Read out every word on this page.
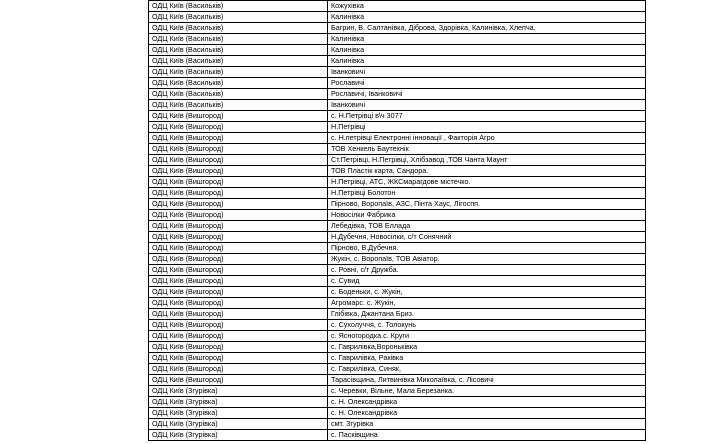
ОДЦ Київ (Васильків)	Кожухівка
ОДЦ Київ (Васильків)	Калинівка
ОДЦ Київ (Васильків)	Багрин, В. Салтанівка, Діброва, Здорівка, Калинівка, Хлепча.
ОДЦ Київ (Васильків)	Калинівка
ОДЦ Київ (Васильків)	Калинівка
ОДЦ Київ (Васильків)	Калинівка
ОДЦ Київ (Васильків)	Іванковичі
ОДЦ Київ (Васильків)	Рославичі
ОДЦ Київ (Васильків)	Рославичі, Іванковичі
ОДЦ Київ (Васильків)	Іванковичі
ОДЦ Київ (Вишгород)	с. Н.Петрівці в\ч 3077
ОДЦ Київ (Вишгород)	Н.Петрівці
ОДЦ Київ (Вишгород)	с. Н.петрівці Електронні інновації , Факторія Агро
ОДЦ Київ (Вишгород)	ТОВ Хенкель Баутехнік
ОДЦ Київ (Вишгород)	Ст.Петрівці, Н.Петрівці, Хлібзавод ,ТОВ Чанта Маунт
ОДЦ Київ (Вишгород)	ТОВ Пластік карта, Сандора.
ОДЦ Київ (Вишгород)	Н.Петрівці, АТС, ЖКСмарагдове містечко.
ОДЦ Київ (Вишгород)	Н.Петрівці Болотон
ОДЦ Київ (Вишгород)	Пірново, Воропаїв, АЗС, Пінта Хаус, Лігоспп.
ОДЦ Київ (Вишгород)	Новосілки Фабрика
ОДЦ Київ (Вишгород)	Лебедівка, ТОВ Еллада
ОДЦ Київ (Вишгород)	Н.Дубечня, Новосілки, с/т Сонячний
ОДЦ Київ (Вишгород)	Пірново, В.Дубечня.
ОДЦ Київ (Вишгород)	Жукін, с. Воропаїв, ТОВ Авіатор.
ОДЦ Київ (Вишгород)	с. Ровні, с/т Дружба.
ОДЦ Київ (Вишгород)	с. Сувид
ОДЦ Київ (Вишгород)	с. Боденьки, с. Жукін,
ОДЦ Київ (Вишгород)	Агромарс. с. Жукін,
ОДЦ Київ (Вишгород)	Глібівка, Джантана Бриз.
ОДЦ Київ (Вишгород)	с. Сухолуччя, с. Толокунь
ОДЦ Київ (Вишгород)	с. Ясногородка.с. Круги
ОДЦ Київ (Вишгород)	с. Гаврилівка,Вороньківка
ОДЦ Київ (Вишгород)	с. Гаврилівка, Раківка
ОДЦ Київ (Вишгород)	с. Гаврилівка, Синяк,
ОДЦ Київ (Вишгород)	Тарасівщина, Литвинівка Миколаївка, с. Лісовичі
ОДЦ Київ (Згурівка)	с. Черевки, Вільне, Мала Березанка.
ОДЦ Київ (Згурівка)	с. Н. Олександрівка
ОДЦ Київ (Згурівка)	с. Н. Олександрівка
ОДЦ Київ (Згурівка)	смт. Згурівка
ОДЦ Київ (Згурівка)	с. Пасківщина
